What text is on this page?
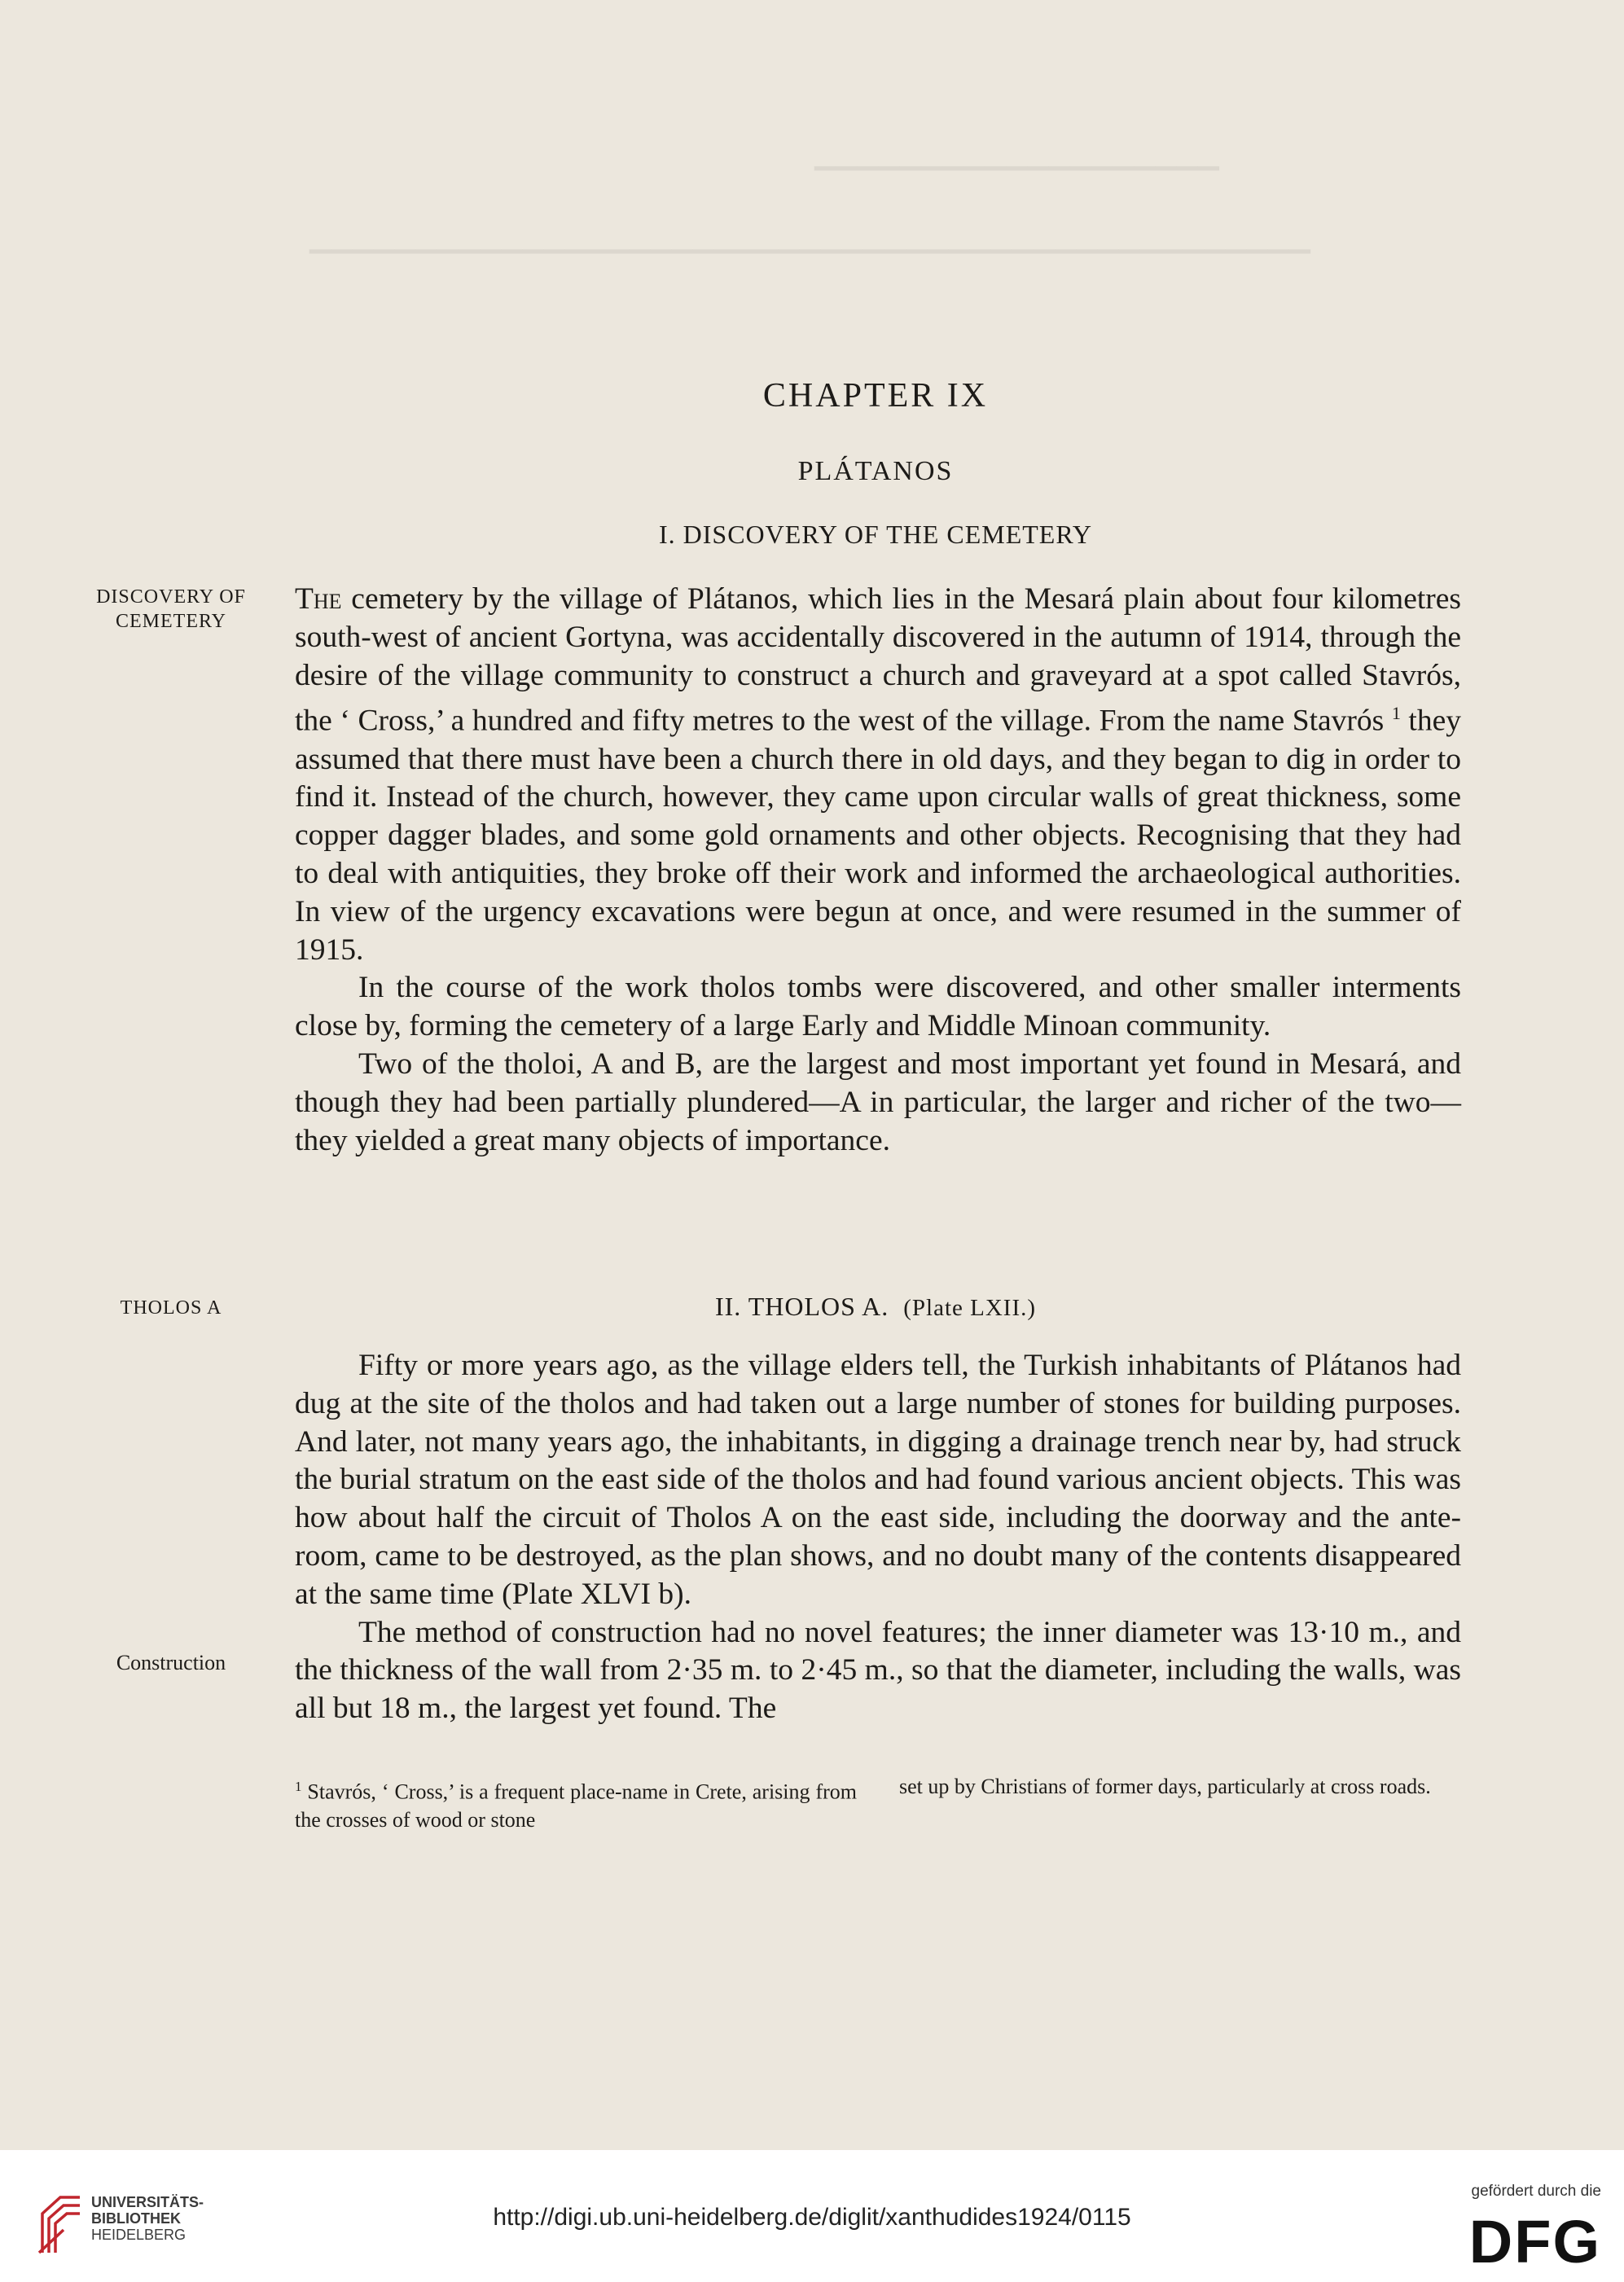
▔▔▔▔▔▔▔▔▔▔▔▔▔▔▔▔▔▔▔
▁▁▁▁▁▁▁▁▁▁▁▁▁▁▁▁▁▁▁▁▁▁▁▁▁▁▁▁▁▁▁▁▁▁▁▁▁▁▁▁▁▁▁▁▁▁▁
CHAPTER IX
PLÁTANOS
I. DISCOVERY OF THE CEMETERY
DISCOVERY OF CEMETERY

The cemetery by the village of Plátanos, which lies in the Mesará plain about four kilometres south-west of ancient Gortyna, was accidentally discovered in the autumn of 1914, through the desire of the village community to construct a church and graveyard at a spot called Stavrós, the ‘ Cross,’ a hundred and fifty metres to the west of the village. From the name Stavrós $^1$ they assumed that there must have been a church there in old days, and they began to dig in order to find it. Instead of the church, however, they came upon circular walls of great thickness, some copper dagger blades, and some gold ornaments and other objects. Recognising that they had to deal with antiquities, they broke off their work and informed the archaeological authorities. In view of the urgency excavations were begun at once, and were resumed in the summer of 1915.

In the course of the work tholos tombs were discovered, and other smaller interments close by, forming the cemetery of a large Early and Middle Minoan community.

Two of the tholoi, A and B, are the largest and most important yet found in Mesará, and though they had been partially plundered—A in particular, the larger and richer of the two—they yielded a great many objects of importance.

II. THOLOS A. (Plate LXII.)
THOLOS A

Fifty or more years ago, as the village elders tell, the Turkish inhabitants of Plátanos had dug at the site of the tholos and had taken out a large number of stones for building purposes. And later, not many years ago, the inhabitants, in digging a drainage trench near by, had struck the burial stratum on the east side of the tholos and had found various ancient objects. This was how about half the circuit of Tholos A on the east side, including the doorway and the ante-room, came to be destroyed, as the plan shows, and no doubt many of the contents disappeared at the same time (Plate XLVI b).

The method of construction had no novel features; the inner diameter was 13·10 m., and the thickness of the wall from 2·35 m. to 2·45 m., so that the diameter, including the walls, was all but 18 m., the largest yet found. The

Construction
$^1$ Stavrós, ‘ Cross,’ is a frequent place-name in Crete, arising from the crosses of wood or stone
set up by Christians of former days, particularly at cross roads.
UNIVERSITÄTS-
BIBLIOTHEK
HEIDELBERG
http://digi.ub.uni-heidelberg.de/diglit/xanthudides1924/0115
gefördert durch die
DFG
